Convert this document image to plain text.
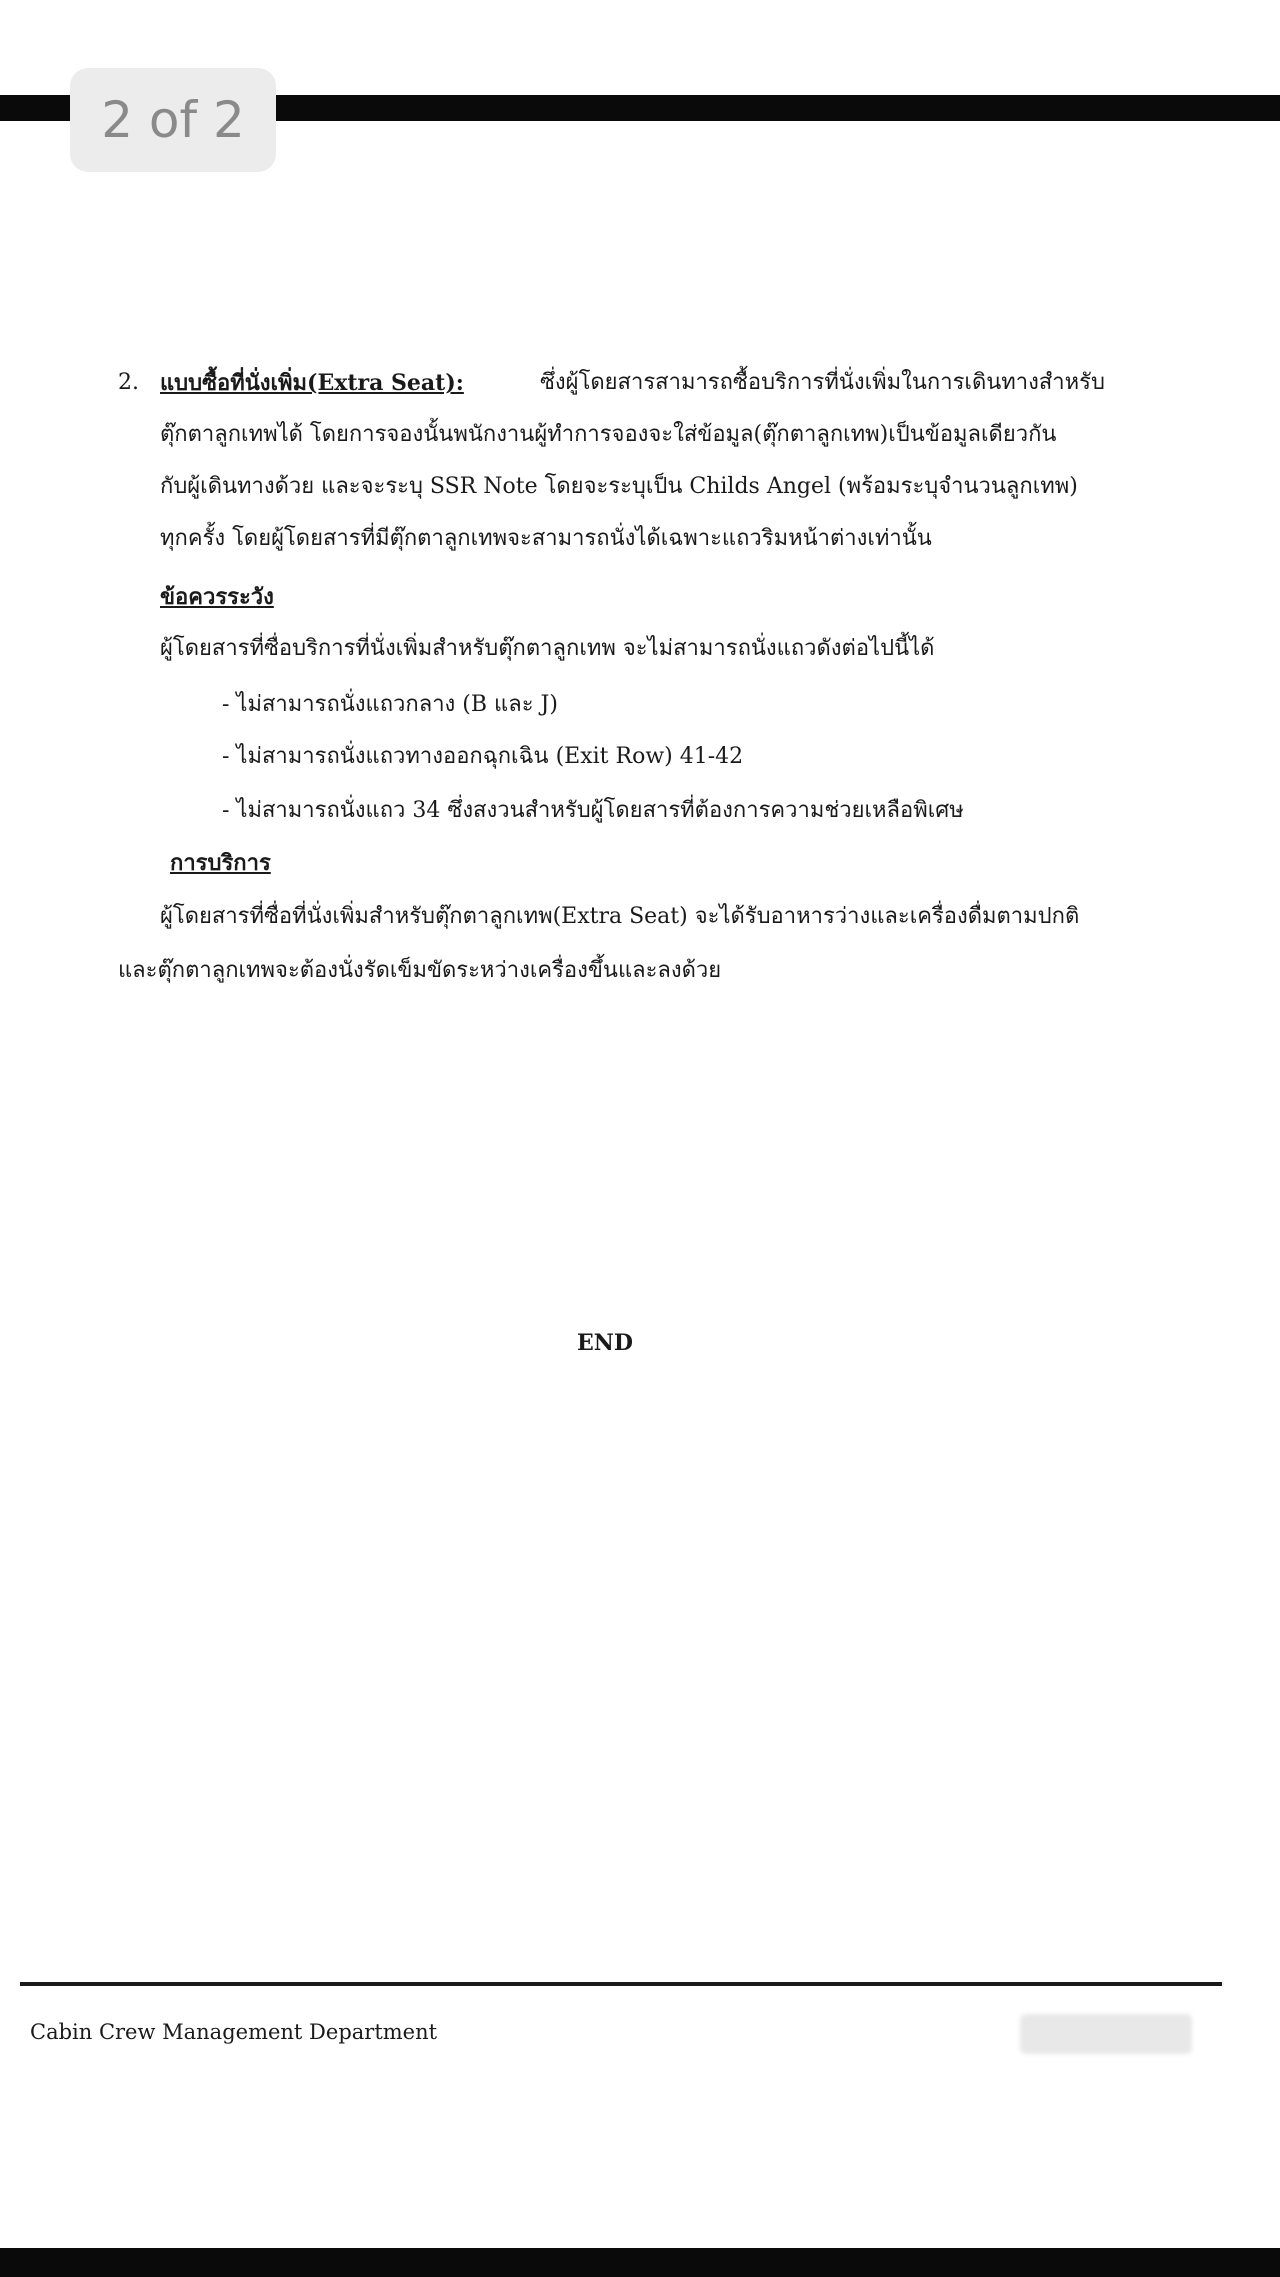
2 of 2
2. แบบซื้อที่นั่งเพิ่ม(Extra Seat):	ซึ่งผู้โดยสารสามารถซื้อบริการที่นั่งเพิ่มในการเดินทางสำหรับ
ตุ๊กตาลูกเทพได้ โดยการจองนั้นพนักงานผู้ทำการจองจะใส่ข้อมูล(ตุ๊กตาลูกเทพ)เป็นข้อมูลเดียวกัน
กับผู้เดินทางด้วย และจะระบุ SSR Note โดยจะระบุเป็น Childs Angel (พร้อมระบุจำนวนลูกเทพ)
ทุกครั้ง โดยผู้โดยสารที่มีตุ๊กตาลูกเทพจะสามารถนั่งได้เฉพาะแถวริมหน้าต่างเท่านั้น
ข้อควรระวัง
ผู้โดยสารที่ซื่อบริการที่นั่งเพิ่มสำหรับตุ๊กตาลูกเทพ จะไม่สามารถนั่งแถวดังต่อไปนี้ได้
- ไม่สามารถนั่งแถวกลาง (B และ J)
- ไม่สามารถนั่งแถวทางออกฉุกเฉิน (Exit Row) 41-42
- ไม่สามารถนั่งแถว 34 ซึ่งสงวนสำหรับผู้โดยสารที่ต้องการความช่วยเหลือพิเศษ
การบริการ
ผู้โดยสารที่ซื่อที่นั่งเพิ่มสำหรับตุ๊กตาลูกเทพ(Extra Seat) จะได้รับอาหารว่างและเครื่องดื่มตามปกติ
และตุ๊กตาลูกเทพจะต้องนั่งรัดเข็มขัดระหว่างเครื่องขึ้นและลงด้วย
END
Cabin Crew Management Department
